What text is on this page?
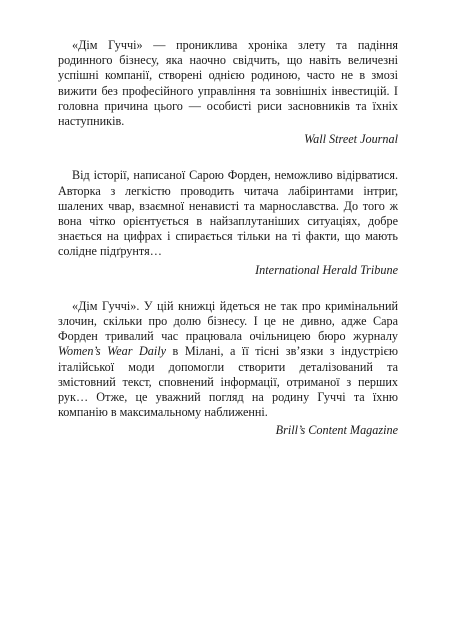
«Дім Гуччі» — прониклива хроніка злету та падіння родинного бізнесу, яка наочно свідчить, що навіть величезні успішні компанії, створені однією родиною, часто не в змозі вижити без професійного управління та зовнішніх інвестицій. І головна причина цього — особисті риси засновників та їхніх наступників.

Wall Street Journal

Від історії, написаної Сарою Форден, неможливо відірватися. Авторка з легкістю проводить читача лабіринтами інтриг, шалених чвар, взаємної ненависті та марнославства. До того ж вона чітко орієнтується в найзаплутаніших ситуаціях, добре знається на цифрах і спирається тільки на ті факти, що мають солідне підґрунтя…

International Herald Tribune

«Дім Гуччі». У цій книжці йдеться не так про кримінальний злочин, скільки про долю бізнесу. І це не дивно, адже Сара Форден тривалий час працювала очільницею бюро журналу Women’s Wear Daily в Мілані, а її тісні зв’язки з індустрією італійської моди допомогли створити деталізований та змістовний текст, сповнений інформації, отриманої з перших рук… Отже, це уважний погляд на родину Гуччі та їхню компанію в максимальному наближенні.

Brill’s Content Magazine
